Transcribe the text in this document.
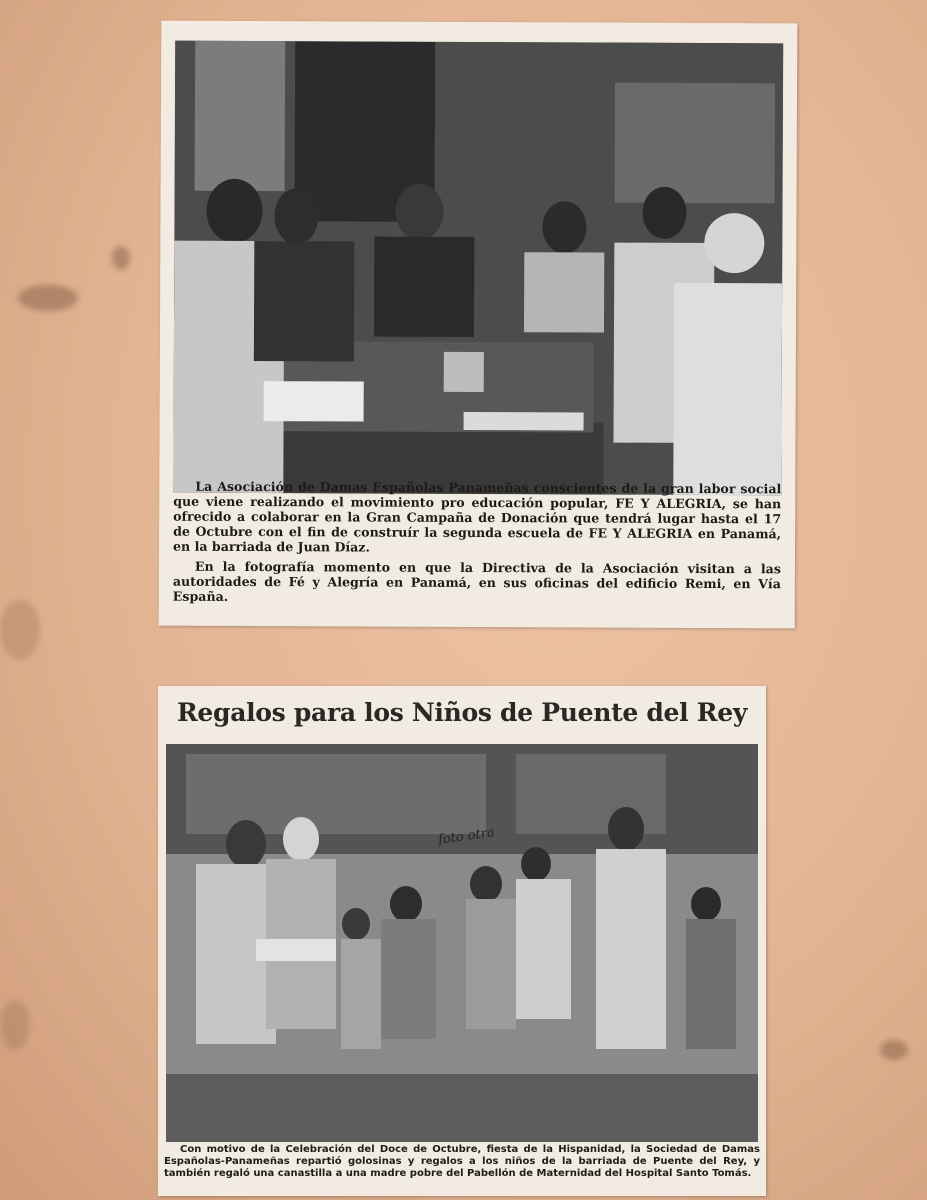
La Asociación de Damas Españolas Panameñas conscientes de la gran labor social que viene realizando el movimiento pro educación popular, FE Y ALEGRIA, se han ofrecido a colaborar en la Gran Campaña de Donación que tendrá lugar hasta el 17 de Octubre con el fin de construír la segunda escuela de FE Y ALEGRIA en Panamá, en la barriada de Juan Díaz.

En la fotografía momento en que la Directiva de la Asociación visitan a las autoridades de Fé y Alegría en Panamá, en sus oficinas del edificio Remi, en Vía España.

Regalos para los Niños de Puente del Rey
foto otra

Con motivo de la Celebración del Doce de Octubre, fiesta de la Hispanidad, la Sociedad de Damas Españolas-Panameñas repartió golosinas y regalos a los niños de la barriada de Puente del Rey, y también regaló una canastilla a una madre pobre del Pabellón de Maternidad del Hospital Santo Tomás.
